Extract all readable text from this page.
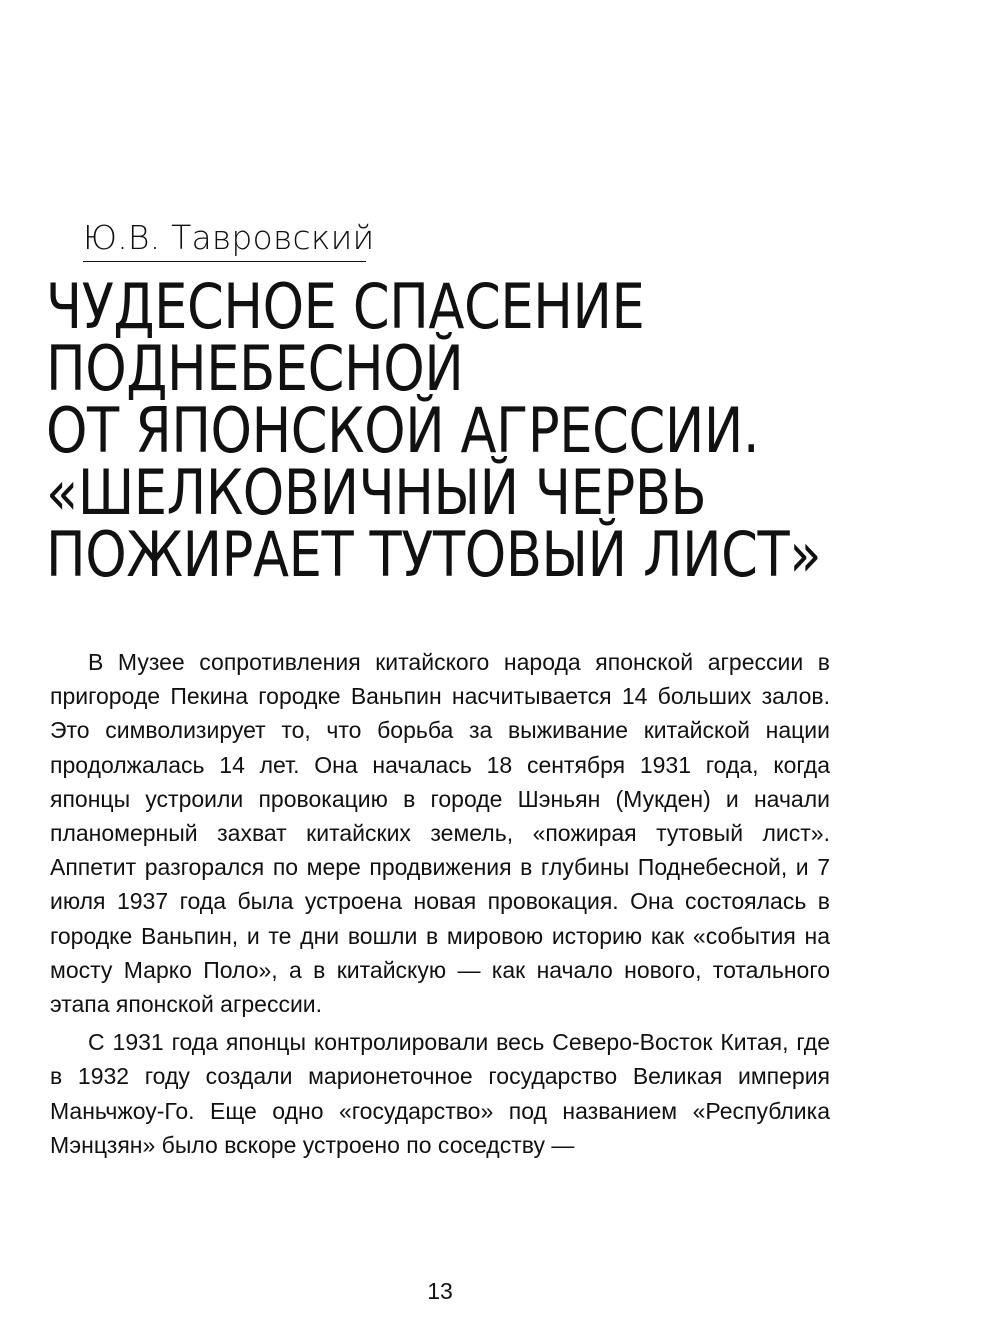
Ю.В. Тавровский
ЧУДЕСНОЕ СПАСЕНИЕ
ПОДНЕБЕСНОЙ
ОТ ЯПОНСКОЙ АГРЕССИИ.
«ШЕЛКОВИЧНЫЙ ЧЕРВЬ
ПОЖИРАЕТ ТУТОВЫЙ ЛИСТ»

В Музее сопротивления китайского народа японской агрессии в пригороде Пекина городке Ваньпин насчитывается 14 больших залов. Это символизирует то, что борьба за выживание китайской нации продолжалась 14 лет. Она началась 18 сентября 1931 года, когда японцы устроили провокацию в городе Шэньян (Мукден) и начали планомерный захват китайских земель, «пожирая тутовый лист». Аппетит разгорался по мере продвижения в глубины Поднебесной, и 7 июля 1937 года была устроена новая провокация. Она состоялась в городке Ваньпин, и те дни вошли в мировою историю как «события на мосту Марко Поло», а в китайскую — как начало нового, тотального этапа японской агрессии.

С 1931 года японцы контролировали весь Северо-Восток Китая, где в 1932 году создали марионеточное государство Великая империя Маньчжоу-Го. Еще одно «государство» под названием «Республика Мэнцзян» было вскоре устроено по соседству —

13
